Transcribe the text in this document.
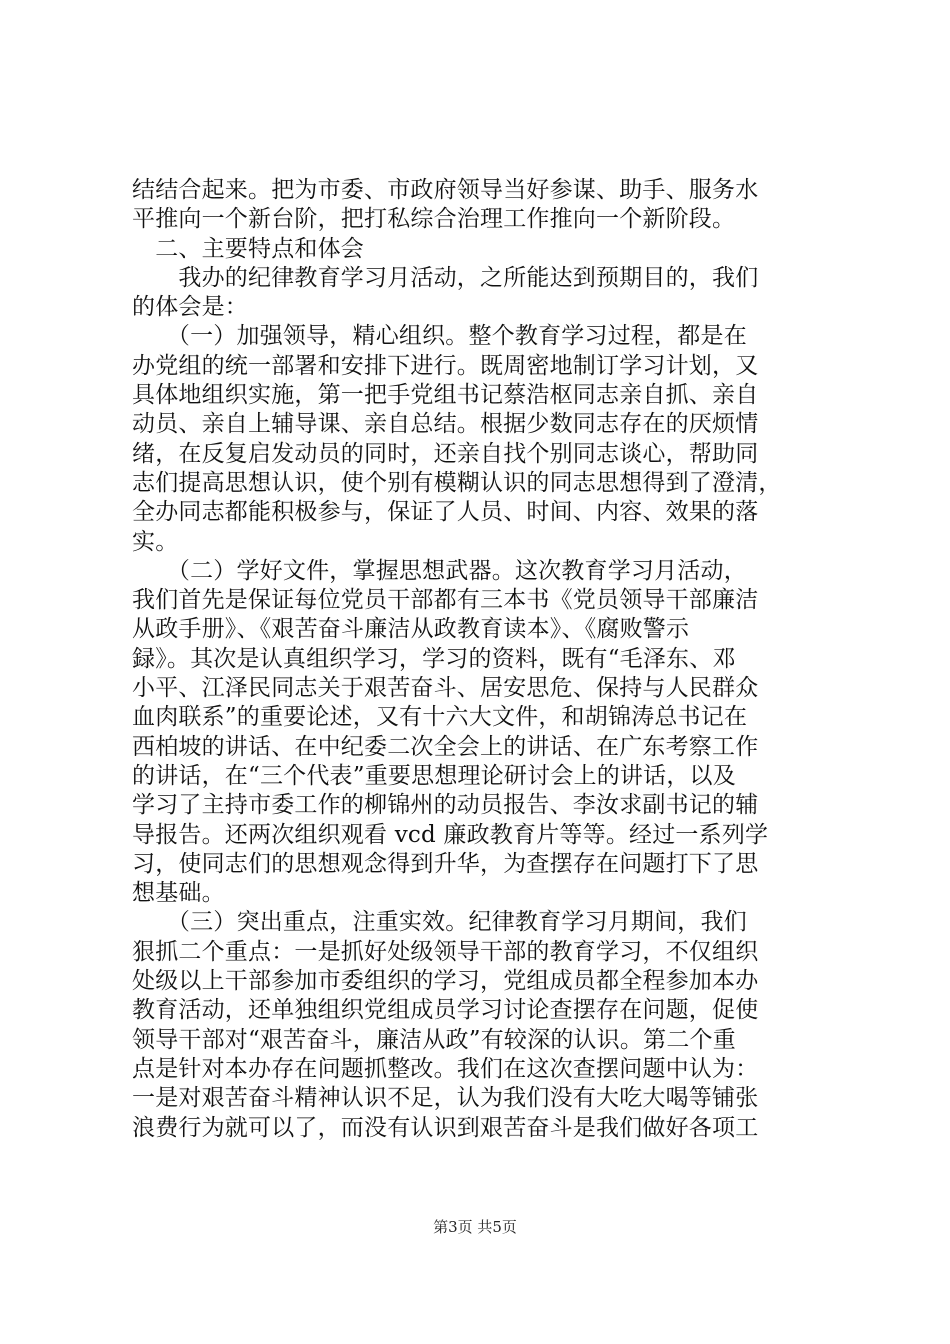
结结合起来。把为市委、市政府领导当好参谋、助手、服务水
平推向一个新台阶，把打私综合治理工作推向一个新阶段。
　二、主要特点和体会
　　我办的纪律教育学习月活动，之所能达到预期目的，我们
的体会是：
　　（一）加强领导，精心组织。整个教育学习过程，都是在
办党组的统一部署和安排下进行。既周密地制订学习计划，又
具体地组织实施，第一把手党组书记蔡浩枢同志亲自抓、亲自
动员、亲自上辅导课、亲自总结。根据少数同志存在的厌烦情
绪，在反复启发动员的同时，还亲自找个别同志谈心，帮助同
志们提高思想认识，使个别有模糊认识的同志思想得到了澄清，
全办同志都能积极参与，保证了人员、时间、内容、效果的落
实。
　　（二）学好文件，掌握思想武器。这次教育学习月活动，
我们首先是保证每位党员干部都有三本书《党员领导干部廉洁
从政手册》、《艰苦奋斗廉洁从政教育读本》、《腐败警示
録》。其次是认真组织学习，学习的资料，既有“毛泽东、邓
小平、江泽民同志关于艰苦奋斗、居安思危、保持与人民群众
血肉联系”的重要论述，又有十六大文件，和胡锦涛总书记在
西柏坡的讲话、在中纪委二次全会上的讲话、在广东考察工作
的讲话，在“三个代表”重要思想理论研讨会上的讲话，以及
学习了主持市委工作的柳锦州的动员报告、李汝求副书记的辅
导报告。还两次组织观看 vcd 廉政教育片等等。经过一系列学
习，使同志们的思想观念得到升华，为查摆存在问题打下了思
想基础。
　　（三）突出重点，注重实效。纪律教育学习月期间，我们
狠抓二个重点：一是抓好处级领导干部的教育学习，不仅组织
处级以上干部参加市委组织的学习，党组成员都全程参加本办
教育活动，还单独组织党组成员学习讨论查摆存在问题，促使
领导干部对“艰苦奋斗，廉洁从政”有较深的认识。第二个重
点是针对本办存在问题抓整改。我们在这次查摆问题中认为：
一是对艰苦奋斗精神认识不足，认为我们没有大吃大喝等铺张
浪费行为就可以了，而没有认识到艰苦奋斗是我们做好各项工
第3页 共5页
